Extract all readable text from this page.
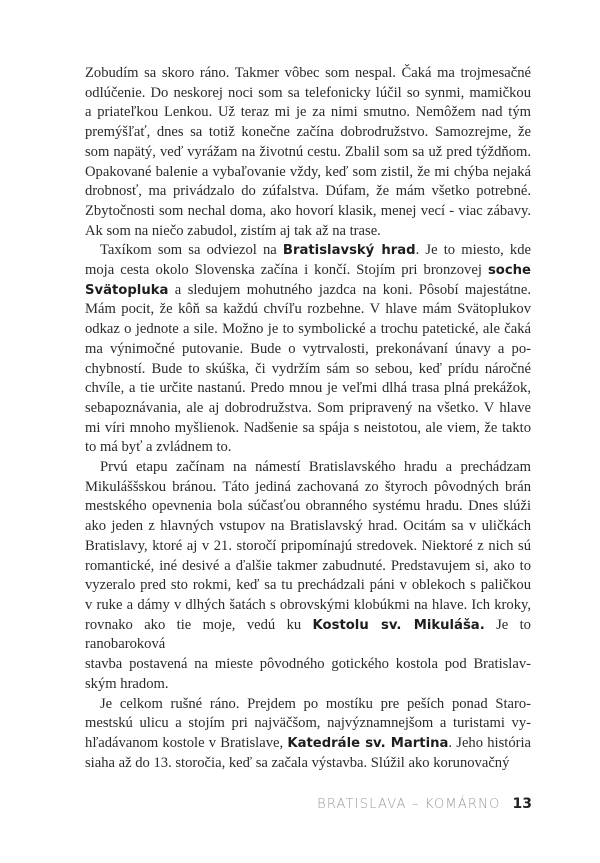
Zobudím sa skoro ráno. Takmer vôbec som nespal. Čaká ma trojmesačné
odlúčenie. Do neskorej noci som sa telefonicky lúčil so synmi, mamičkou
a priateľkou Lenkou. Už teraz mi je za nimi smutno. Nemôžem nad tým
premýšľať, dnes sa totiž konečne začína dobrodružstvo. Samozrejme, že
som napätý, veď vyrážam na životnú cestu. Zbalil som sa už pred týždňom.
Opakované balenie a vybaľovanie vždy, keď som zistil, že mi chýba nejaká
drobnosť, ma privádzalo do zúfalstva. Dúfam, že mám všetko potrebné.
Zbytočnosti som nechal doma, ako hovorí klasik, menej vecí - viac zábavy.
Ak som na niečo zabudol, zistím aj tak až na trase.

Taxíkom som sa odviezol na Bratislavský hrad. Je to miesto, kde
moja cesta okolo Slovenska začína i končí. Stojím pri bronzovej soche
Svätopluka a sledujem mohutného jazdca na koni. Pôsobí majestátne.
Mám pocit, že kôň sa každú chvíľu rozbehne. V hlave mám Svätoplukov
odkaz o jednote a sile. Možno je to symbolické a trochu patetické, ale čaká
ma výnimočné putovanie. Bude o vytrvalosti, prekonávaní únavy a po-
chybností. Bude to skúška, či vydržím sám so sebou, keď prídu náročné
chvíle, a tie určite nastanú. Predo mnou je veľmi dlhá trasa plná prekážok,
sebapoznávania, ale aj dobrodružstva. Som pripravený na všetko. V hlave
mi víri mnoho myšlienok. Nadšenie sa spája s neistotou, ale viem, že takto
to má byť a zvládnem to.

Prvú etapu začínam na námestí Bratislavského hradu a prechádzam
Mikuláššskou bránou. Táto jediná zachovaná zo štyroch pôvodných brán
mestského opevnenia bola súčasťou obranného systému hradu. Dnes slúži
ako jeden z hlavných vstupov na Bratislavský hrad. Ocitám sa v uličkách
Bratislavy, ktoré aj v 21. storočí pripomínajú stredovek. Niektoré z nich sú
romantické, iné desivé a ďalšie takmer zabudnuté. Predstavujem si, ako to
vyzeralo pred sto rokmi, keď sa tu prechádzali páni v oblekoch s paličkou
v ruke a dámy v dlhých šatách s obrovskými klobúkmi na hlave. Ich kroky,
rovnako ako tie moje, vedú ku Kostolu sv. Mikuláša. Je to ranobaroková
stavba postavená na mieste pôvodného gotického kostola pod Bratislav-
ským hradom.

Je celkom rušné ráno. Prejdem po mostíku pre peších ponad Staro-
mestskú ulicu a stojím pri najväčšom, najvýznamnejšom a turistami vy-
hľadávanom kostole v Bratislave, Katedrále sv. Martina. Jeho história
siaha až do 13. storočia, keď sa začala výstavba. Slúžil ako korunovačný

BRATISLAVA – KOMÁRNO 13
